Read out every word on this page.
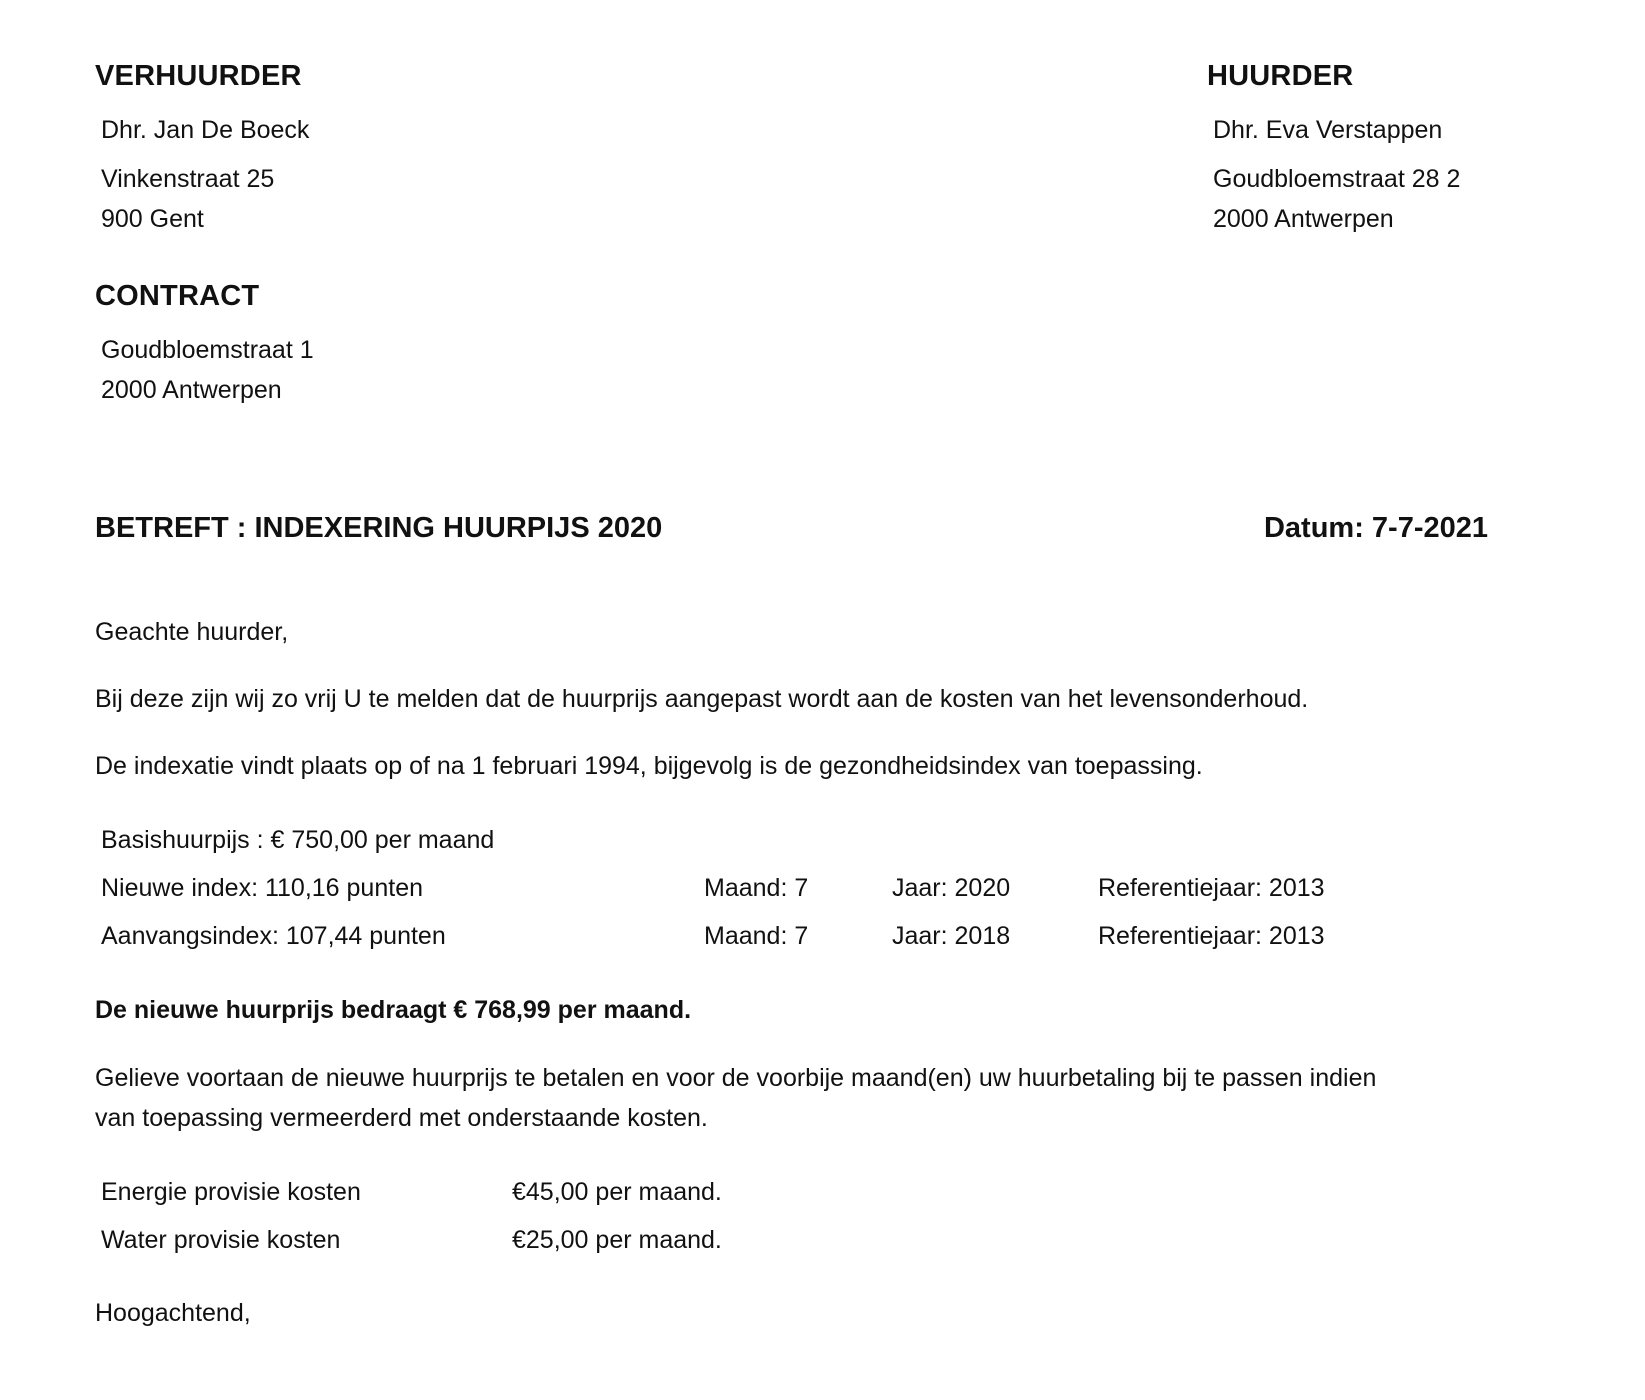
VERHUURDER
Dhr. Jan De Boeck
Vinkenstraat 25
900 Gent
HUURDER
Dhr. Eva Verstappen
Goudbloemstraat 28 2
2000 Antwerpen
CONTRACT
Goudbloemstraat 1
2000 Antwerpen
BETREFT : INDEXERING HUURPIJS 2020	Datum: 7-7-2021
Geachte huurder,
Bij deze zijn wij zo vrij U te melden dat de huurprijs aangepast wordt aan de kosten van het levensonderhoud.
De indexatie vindt plaats op of na 1 februari 1994, bijgevolg is de gezondheidsindex van toepassing.
Basishuurpijs : € 750,00 per maand
Nieuwe index: 110,16 punten	Maand: 7	Jaar: 2020	Referentiejaar: 2013
Aanvangsindex: 107,44 punten	Maand: 7	Jaar: 2018	Referentiejaar: 2013
De nieuwe huurprijs bedraagt € 768,99 per maand.
Gelieve voortaan de nieuwe huurprijs te betalen en voor de voorbije maand(en) uw huurbetaling bij te passen indien
van toepassing vermeerderd met onderstaande kosten.
Energie provisie kosten	€45,00 per maand.
Water provisie kosten	€25,00 per maand.
Hoogachtend,
